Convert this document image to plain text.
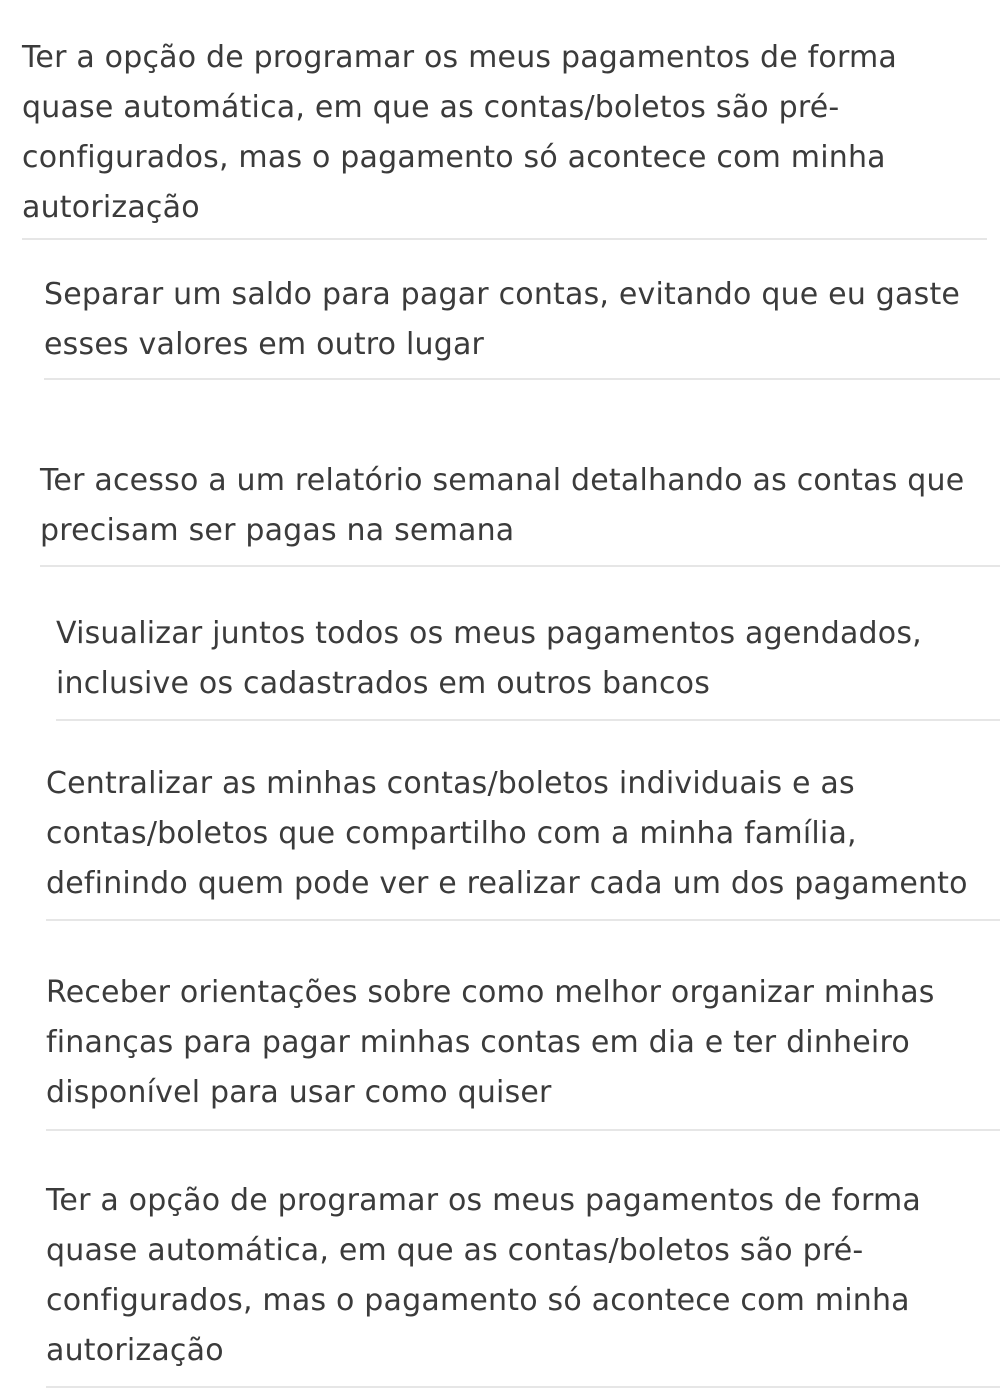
Ter a opção de programar os meus pagamentos de forma
quase automática, em que as contas/boletos são pré-
configurados, mas o pagamento só acontece com minha
autorização
Separar um saldo para pagar contas, evitando que eu gaste
esses valores em outro lugar
Ter acesso a um relatório semanal detalhando as contas que
precisam ser pagas na semana
Visualizar juntos todos os meus pagamentos agendados,
inclusive os cadastrados em outros bancos
Centralizar as minhas contas/boletos individuais e as
contas/boletos que compartilho com a minha família,
definindo quem pode ver e realizar cada um dos pagamento
Receber orientações sobre como melhor organizar minhas
finanças para pagar minhas contas em dia e ter dinheiro
disponível para usar como quiser
Ter a opção de programar os meus pagamentos de forma
quase automática, em que as contas/boletos são pré-
configurados, mas o pagamento só acontece com minha
autorização
